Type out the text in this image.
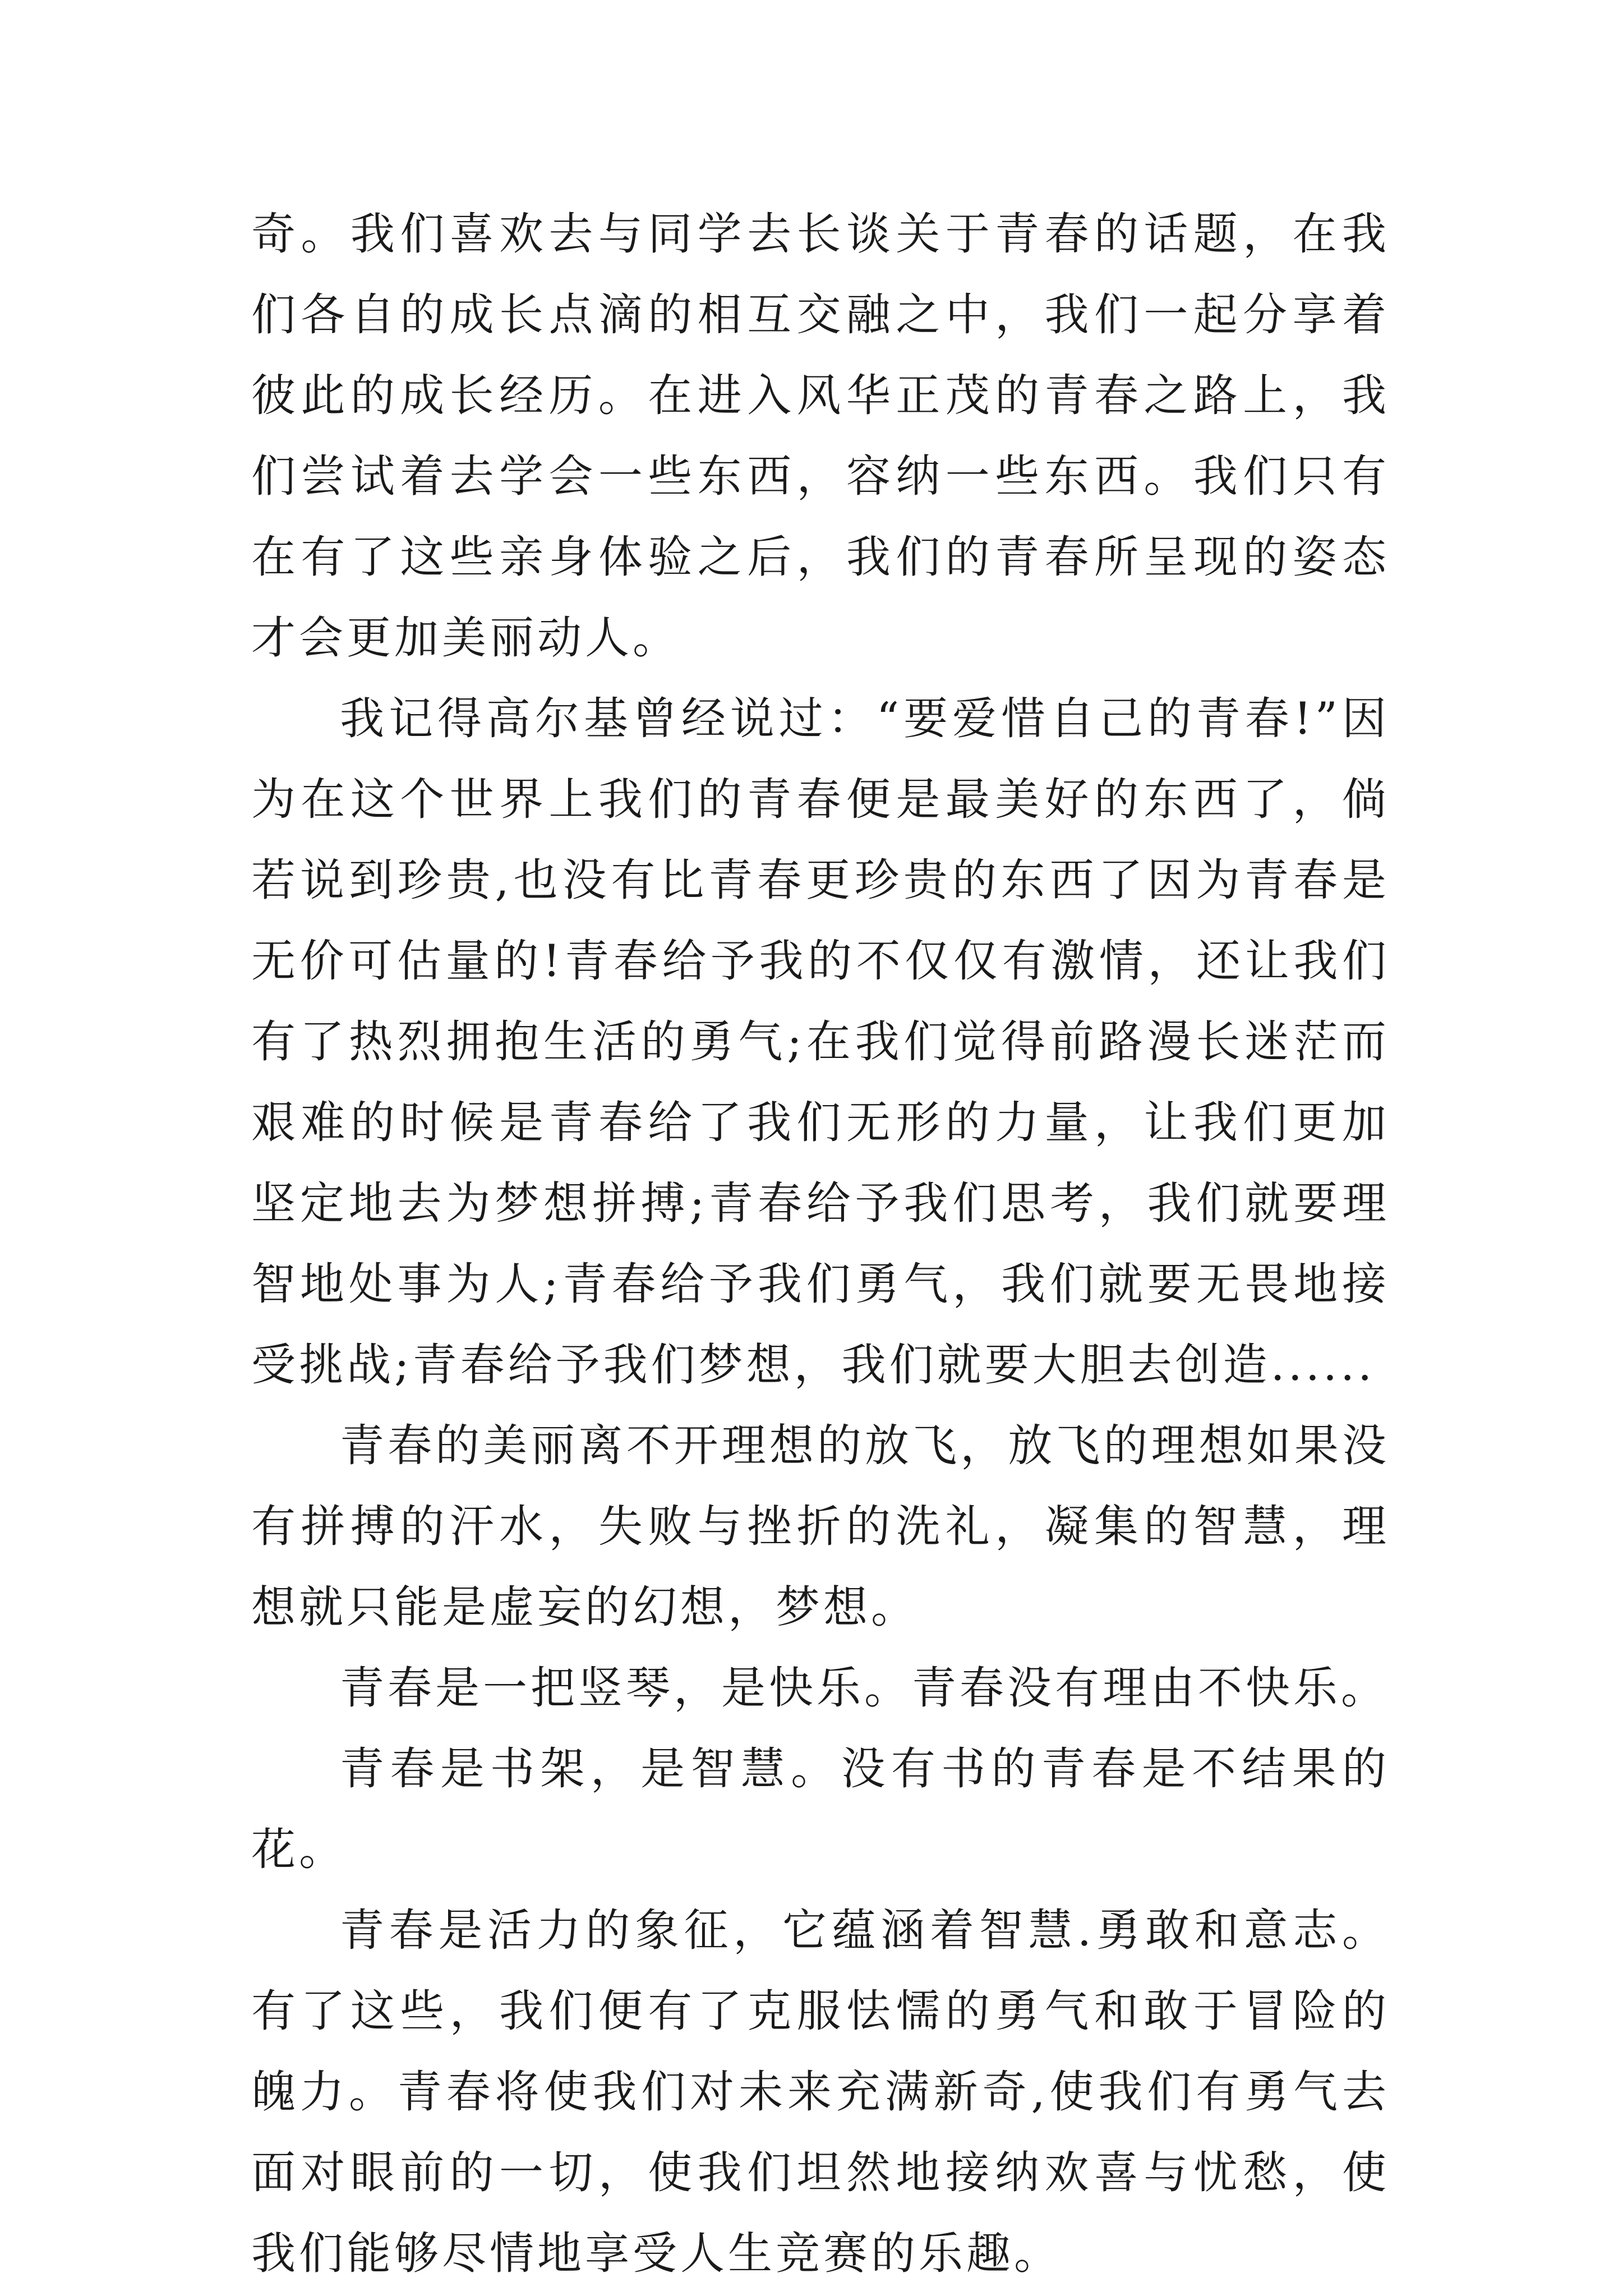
奇。我们喜欢去与同学去长谈关于青春的话题，在我们各自的成长点滴的相互交融之中，我们一起分享着彼此的成长经历。在进入风华正茂的青春之路上，我们尝试着去学会一些东西，容纳一些东西。我们只有在有了这些亲身体验之后，我们的青春所呈现的姿态才会更加美丽动人。

我记得高尔基曾经说过：“要爱惜自己的青春!”因为在这个世界上我们的青春便是最美好的东西了，倘若说到珍贵,也没有比青春更珍贵的东西了因为青春是无价可估量的!青春给予我的不仅仅有激情，还让我们有了热烈拥抱生活的勇气;在我们觉得前路漫长迷茫而艰难的时候是青春给了我们无形的力量，让我们更加坚定地去为梦想拼搏;青春给予我们思考，我们就要理智地处事为人;青春给予我们勇气，我们就要无畏地接受挑战;青春给予我们梦想，我们就要大胆去创造......

青春的美丽离不开理想的放飞，放飞的理想如果没有拼搏的汗水，失败与挫折的洗礼，凝集的智慧，理想就只能是虚妄的幻想，梦想。

青春是一把竖琴，是快乐。青春没有理由不快乐。

青春是书架，是智慧。没有书的青春是不结果的花。

青春是活力的象征，它蕴涵着智慧.勇敢和意志。有了这些，我们便有了克服怯懦的勇气和敢于冒险的魄力。青春将使我们对未来充满新奇,使我们有勇气去面对眼前的一切，使我们坦然地接纳欢喜与忧愁，使我们能够尽情地享受人生竞赛的乐趣。
